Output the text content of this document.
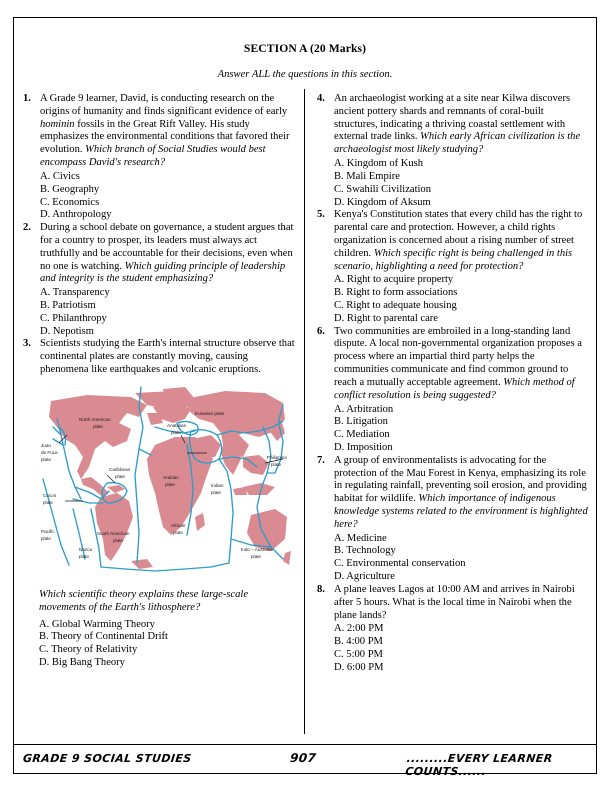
SECTION A (20 Marks)
Answer ALL the questions in this section.
1. A Grade 9 learner, David, is conducting research on the origins of humanity and finds significant evidence of early hominin fossils in the Great Rift Valley. His study emphasizes the environmental conditions that favored their evolution. Which branch of Social Studies would best encompass David's research?
A. Civics
B. Geography
C. Economics
D. Anthropology
2. During a school debate on governance, a student argues that for a country to prosper, its leaders must always act truthfully and be accountable for their decisions, even when no one is watching. Which guiding principle of leadership and integrity is the student emphasizing?
A. Transparency
B. Patriotism
C. Philanthropy
D. Nepotism
3. Scientists studying the Earth's internal structure observe that continental plates are constantly moving, causing phenomena like earthquakes and volcanic eruptions.
North American
plate
Juan
de Fuca
plate
Caribbean
plate
Cocos
plate
Pacific
plate
Nazca
plate
South American
plate
African
plate
Eurasian plate
Anatolian
plate
Arabian
plate	Indian
plate
Philippine
plate
Indo – Australia
plate
Which scientific theory explains these large-scale movements of the Earth's lithosphere?
A. Global Warming Theory
B. Theory of Continental Drift
C. Theory of Relativity
D. Big Bang Theory
4. An archaeologist working at a site near Kilwa discovers ancient pottery shards and remnants of coral-built structures, indicating a thriving coastal settlement with external trade links. Which early African civilization is the archaeologist most likely studying?
A. Kingdom of Kush
B. Mali Empire
C. Swahili Civilization
D. Kingdom of Aksum
5. Kenya's Constitution states that every child has the right to parental care and protection. However, a child rights organization is concerned about a rising number of street children. Which specific right is being challenged in this scenario, highlighting a need for protection?
A. Right to acquire property
B. Right to form associations
C. Right to adequate housing
D. Right to parental care
6. Two communities are embroiled in a long-standing land dispute. A local non-governmental organization proposes a process where an impartial third party helps the communities communicate and find common ground to reach a mutually acceptable agreement. Which method of conflict resolution is being suggested?
A. Arbitration
B. Litigation
C. Mediation
D. Imposition
7. A group of environmentalists is advocating for the protection of the Mau Forest in Kenya, emphasizing its role in regulating rainfall, preventing soil erosion, and providing habitat for wildlife. Which importance of indigenous knowledge systems related to the environment is highlighted here?
A. Medicine
B. Technology
C. Environmental conservation
D. Agriculture
8. A plane leaves Lagos at 10:00 AM and arrives in Nairobi after 5 hours. What is the local time in Nairobi when the plane lands?
A. 2:00 PM
B. 4:00 PM
C. 5:00 PM
D. 6:00 PM
GRADE 9 SOCIAL STUDIES	907	.........EVERY LEARNER COUNTS......
